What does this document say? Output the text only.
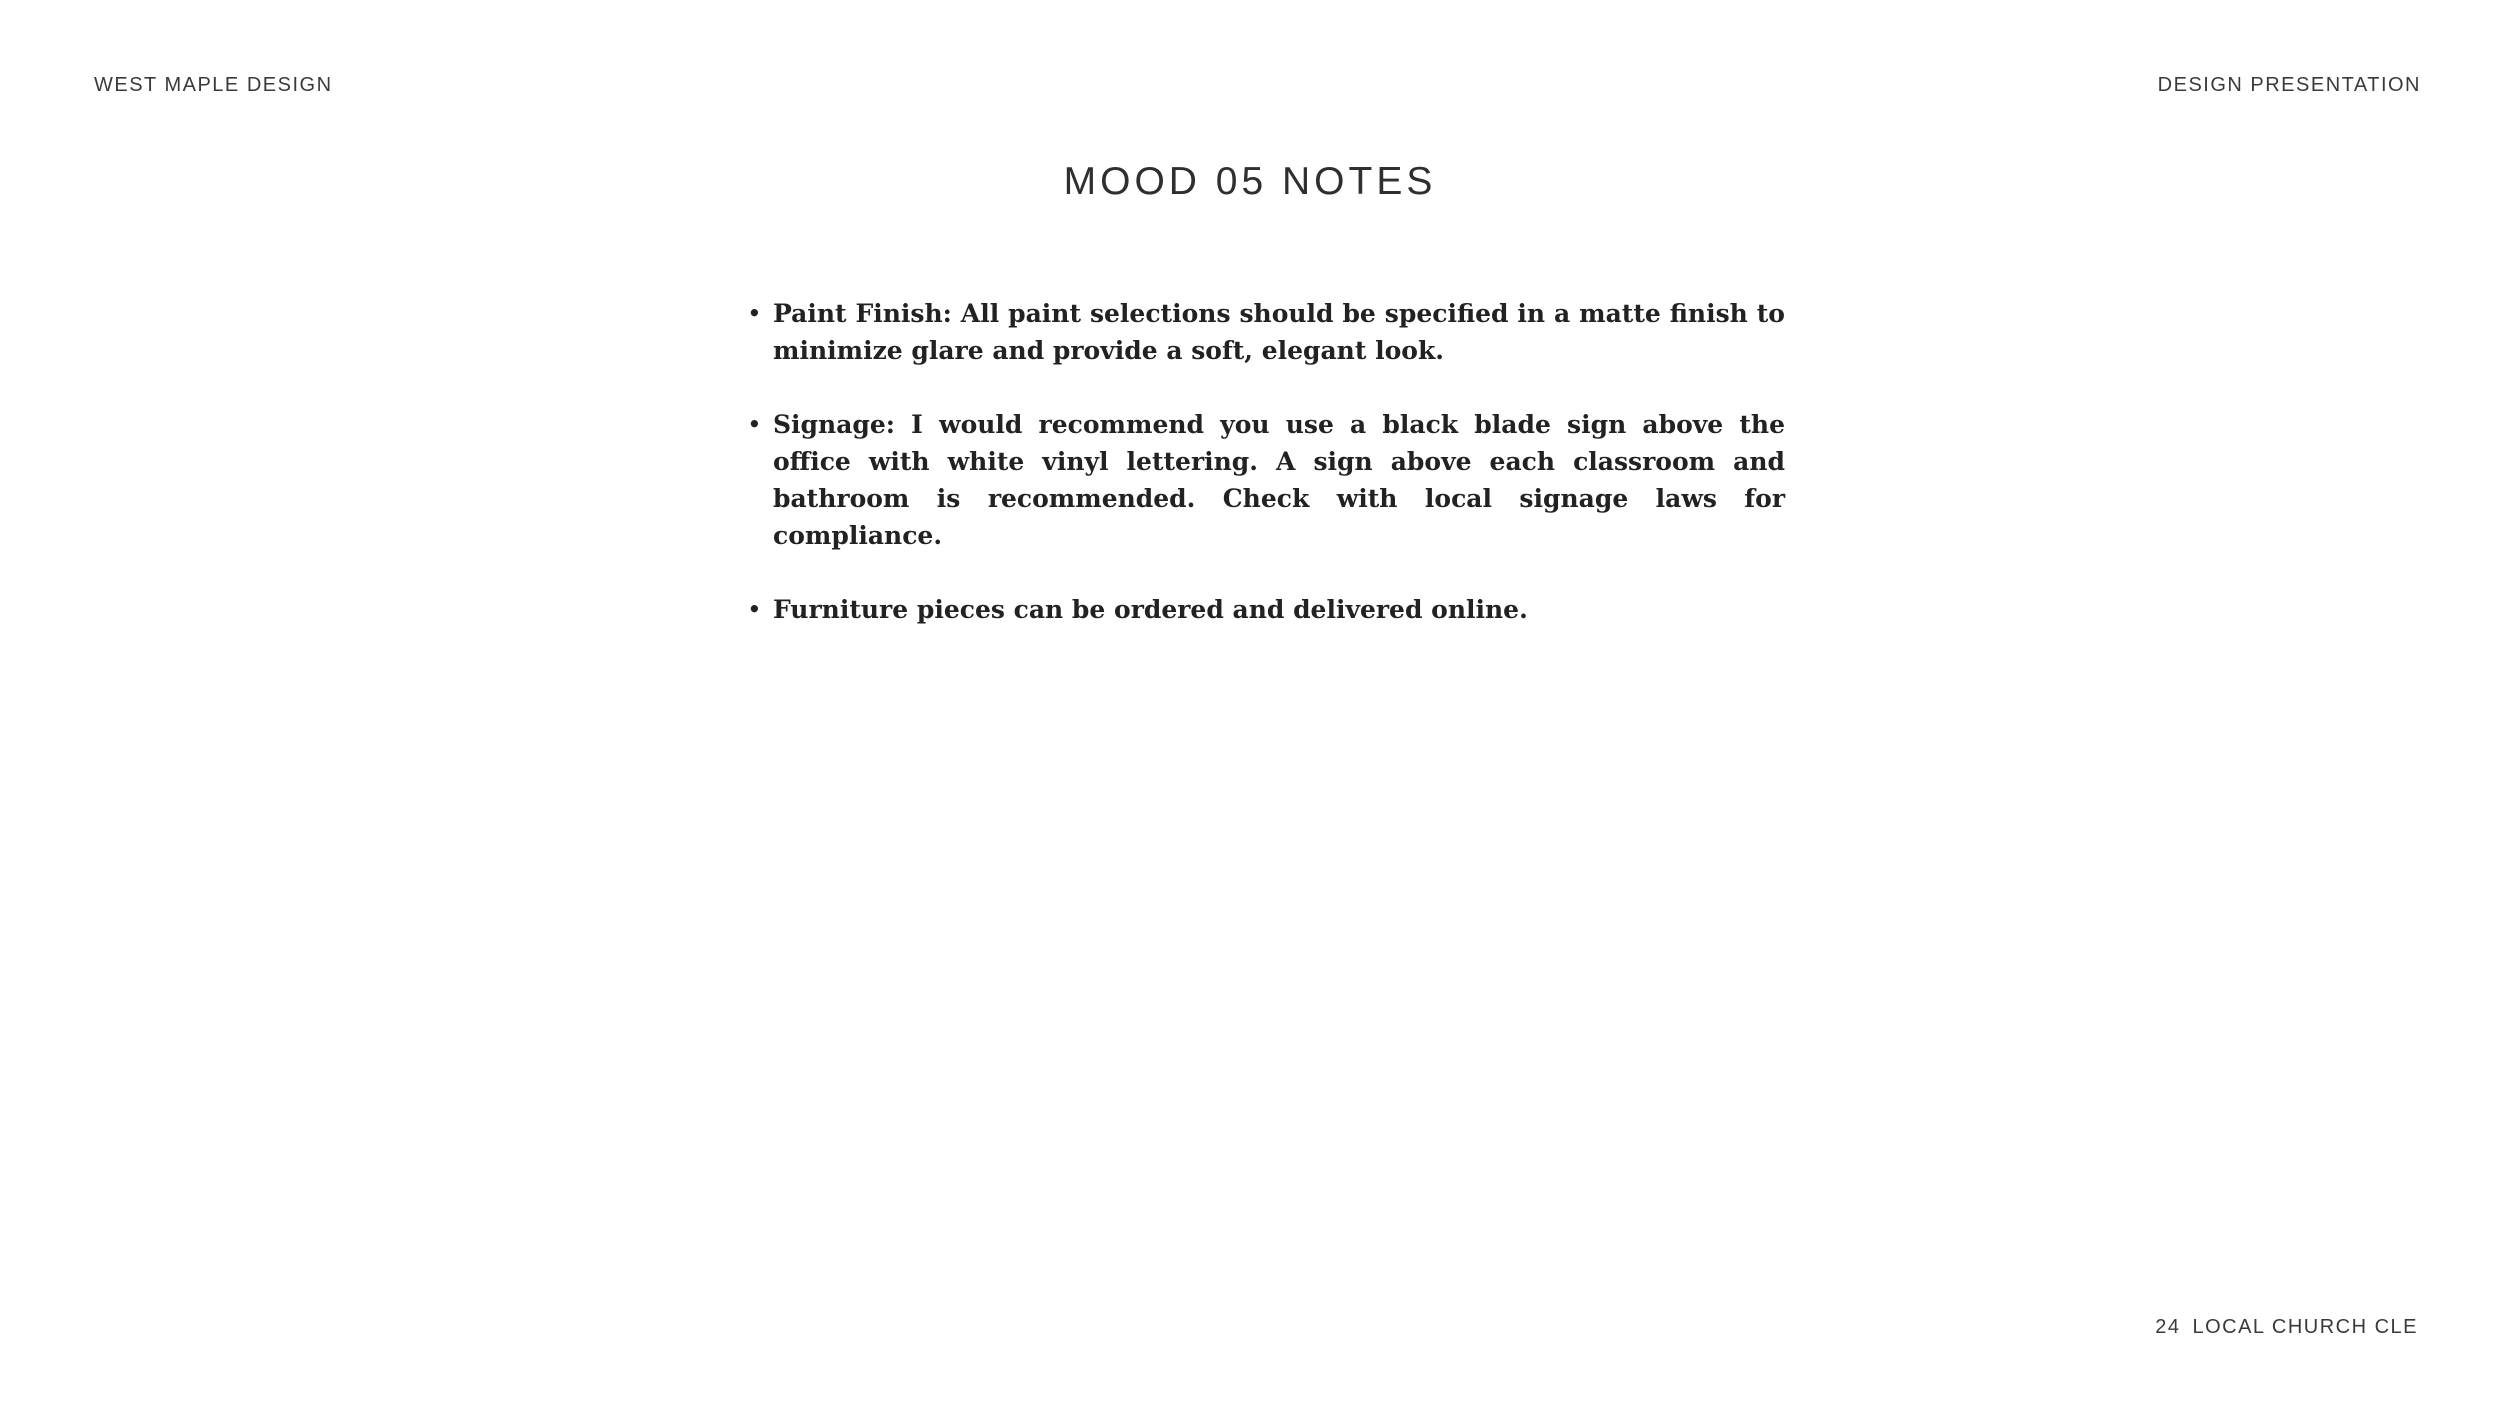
WEST MAPLE DESIGN	DESIGN PRESENTATION
MOOD 05 NOTES
• Paint Finish: All paint selections should be specified in a matte finish to minimize glare and provide a soft, elegant look.
• Signage: I would recommend you use a black blade sign above the office with white vinyl lettering. A sign above each classroom and bathroom is recommended. Check with local signage laws for compliance.
• Furniture pieces can be ordered and delivered online.
24 LOCAL CHURCH CLE
